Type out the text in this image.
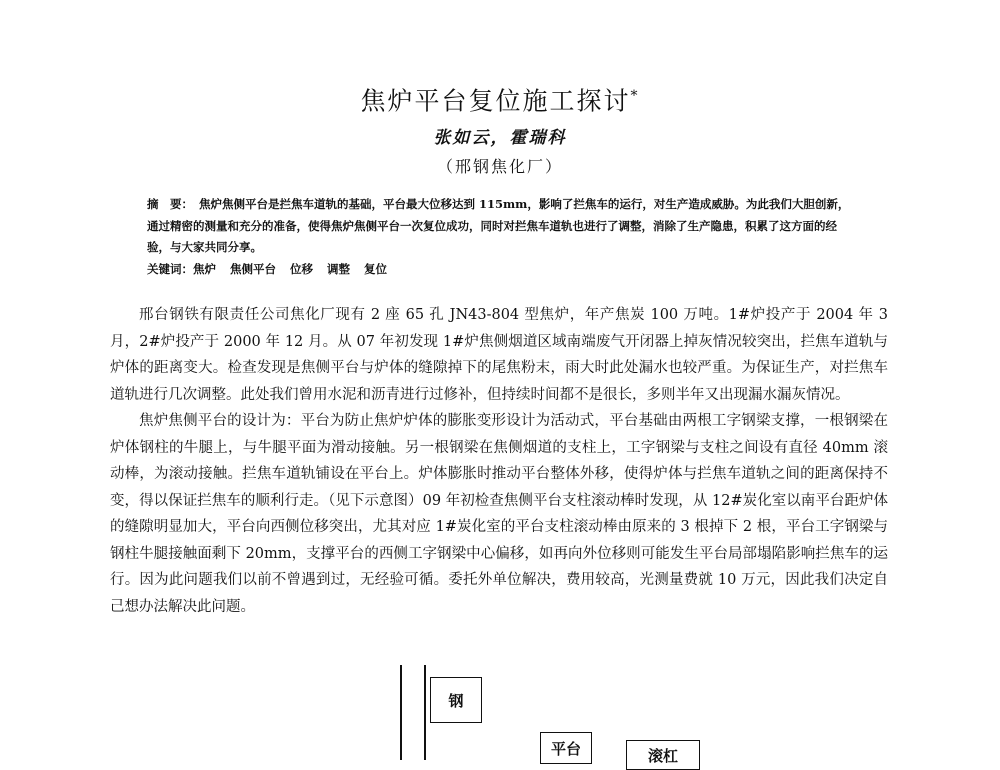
焦炉平台复位施工探讨*
张如云，霍瑞科
（邢钢焦化厂）
摘　要： 焦炉焦侧平台是拦焦车道轨的基础，平台最大位移达到 115mm，影响了拦焦车的运行，对生产造成威胁。为此我们大胆创新，通过精密的测量和充分的准备，使得焦炉焦侧平台一次复位成功，同时对拦焦车道轨也进行了调整，消除了生产隐患，积累了这方面的经验，与大家共同分享。
关键词：焦炉 焦侧平台 位移 调整 复位

邢台钢铁有限责任公司焦化厂现有 2 座 65 孔 JN43-804 型焦炉，年产焦炭 100 万吨。1#炉投产于 2004 年 3 月，2#炉投产于 2000 年 12 月。从 07 年初发现 1#炉焦侧烟道区域南端废气开闭器上掉灰情况较突出，拦焦车道轨与炉体的距离变大。检查发现是焦侧平台与炉体的缝隙掉下的尾焦粉末，雨大时此处漏水也较严重。为保证生产，对拦焦车道轨进行几次调整。此处我们曾用水泥和沥青进行过修补，但持续时间都不是很长，多则半年又出现漏水漏灰情况。

焦炉焦侧平台的设计为：平台为防止焦炉炉体的膨胀变形设计为活动式，平台基础由两根工字钢梁支撑，一根钢梁在炉体钢柱的牛腿上，与牛腿平面为滑动接触。另一根钢梁在焦侧烟道的支柱上，工字钢梁与支柱之间设有直径 40mm 滚动棒，为滚动接触。拦焦车道轨铺设在平台上。炉体膨胀时推动平台整体外移，使得炉体与拦焦车道轨之间的距离保持不变，得以保证拦焦车的顺利行走。（见下示意图）09 年初检查焦侧平台支柱滚动棒时发现，从 12#炭化室以南平台距炉体的缝隙明显加大，平台向西侧位移突出，尤其对应 1#炭化室的平台支柱滚动棒由原来的 3 根掉下 2 根，平台工字钢梁与钢柱牛腿接触面剩下 20mm，支撑平台的西侧工字钢梁中心偏移，如再向外位移则可能发生平台局部塌陷影响拦焦车的运行。因为此问题我们以前不曾遇到过，无经验可循。委托外单位解决，费用较高，光测量费就 10 万元，因此我们决定自己想办法解决此问题。

钢
平台	滚杠
